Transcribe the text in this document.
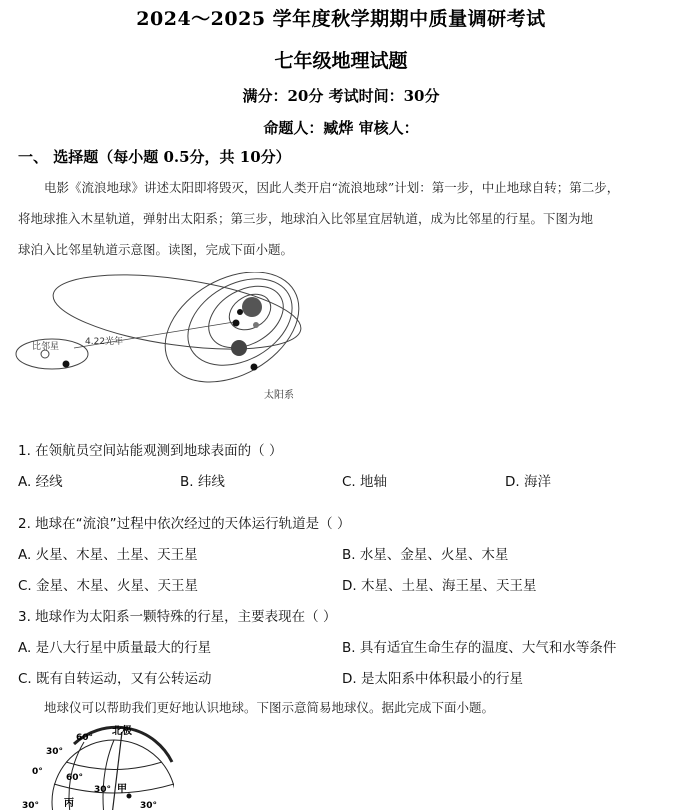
2024～2025 学年度秋学期期中质量调研考试
七年级地理试题
满分：20分 考试时间：30分
命题人：臧烨 审核人：
一、 选择题（每小题 0.5分，共 10分）
电影《流浪地球》讲述太阳即将毁灭，因此人类开启“流浪地球”计划：第一步，中止地球自转；第二步，
将地球推入木星轨道，弹射出太阳系；第三步，地球泊入比邻星宜居轨道，成为比邻星的行星。下图为地
球泊入比邻星轨道示意图。读图，完成下面小题。
比邻星	4.22光年
太阳系
1. 在领航员空间站能观测到地球表面的（ ）
A. 经线	B. 纬线	C. 地轴	D. 海洋
2. 地球在“流浪”过程中依次经过的天体运行轨道是（ ）
A. 火星、木星、土星、天王星	B. 水星、金星、火星、木星
C. 金星、木星、火星、天王星	D. 木星、土星、海王星、天王星
3. 地球作为太阳系一颗特殊的行星，主要表现在（ ）
A. 是八大行星中质量最大的行星	B. 具有适宜生命生存的温度、大气和水等条件
C. 既有自转运动，又有公转运动	D. 是太阳系中体积最小的行星
地球仪可以帮助我们更好地认识地球。下图示意简易地球仪。据此完成下面小题。
北极
60°
30°
0°
60°
30° 甲
30° 丙	30°
